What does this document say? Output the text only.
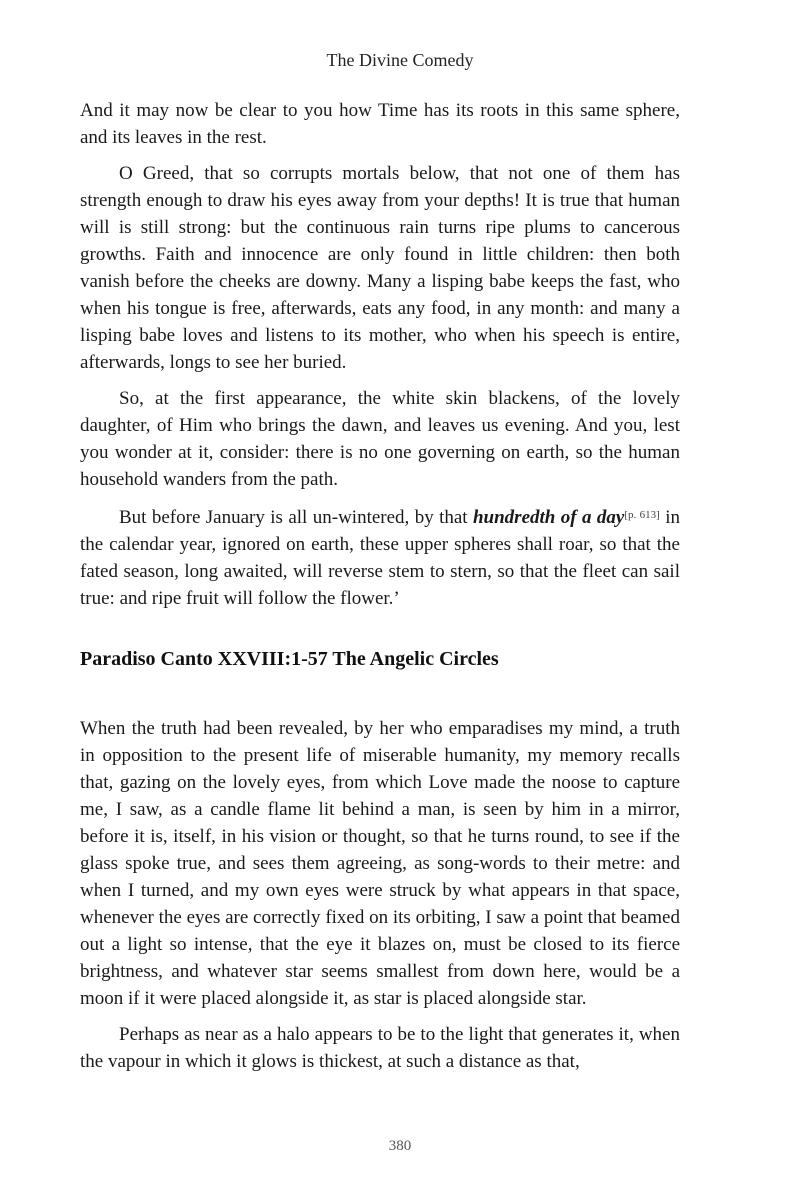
The Divine Comedy

And it may now be clear to you how Time has its roots in this same sphere, and its leaves in the rest.

O Greed, that so corrupts mortals below, that not one of them has strength enough to draw his eyes away from your depths! It is true that human will is still strong: but the continuous rain turns ripe plums to cancerous growths. Faith and innocence are only found in little children: then both vanish before the cheeks are downy. Many a lisping babe keeps the fast, who when his tongue is free, afterwards, eats any food, in any month: and many a lisping babe loves and listens to its mother, who when his speech is entire, afterwards, longs to see her buried.

So, at the first appearance, the white skin blackens, of the lovely daughter, of Him who brings the dawn, and leaves us evening. And you, lest you wonder at it, consider: there is no one governing on earth, so the human household wanders from the path.

But before January is all un-wintered, by that hundredth of a day[p. 613] in the calendar year, ignored on earth, these upper spheres shall roar, so that the fated season, long awaited, will reverse stem to stern, so that the fleet can sail true: and ripe fruit will follow the flower.’

Paradiso Canto XXVIII:1-57 The Angelic Circles

When the truth had been revealed, by her who emparadises my mind, a truth in opposition to the present life of miserable humanity, my memory recalls that, gazing on the lovely eyes, from which Love made the noose to capture me, I saw, as a candle flame lit behind a man, is seen by him in a mirror, before it is, itself, in his vision or thought, so that he turns round, to see if the glass spoke true, and sees them agreeing, as song-words to their metre: and when I turned, and my own eyes were struck by what appears in that space, whenever the eyes are correctly fixed on its orbiting, I saw a point that beamed out a light so intense, that the eye it blazes on, must be closed to its fierce brightness, and whatever star seems smallest from down here, would be a moon if it were placed alongside it, as star is placed alongside star.

Perhaps as near as a halo appears to be to the light that generates it, when the vapour in which it glows is thickest, at such a distance as that,

380
